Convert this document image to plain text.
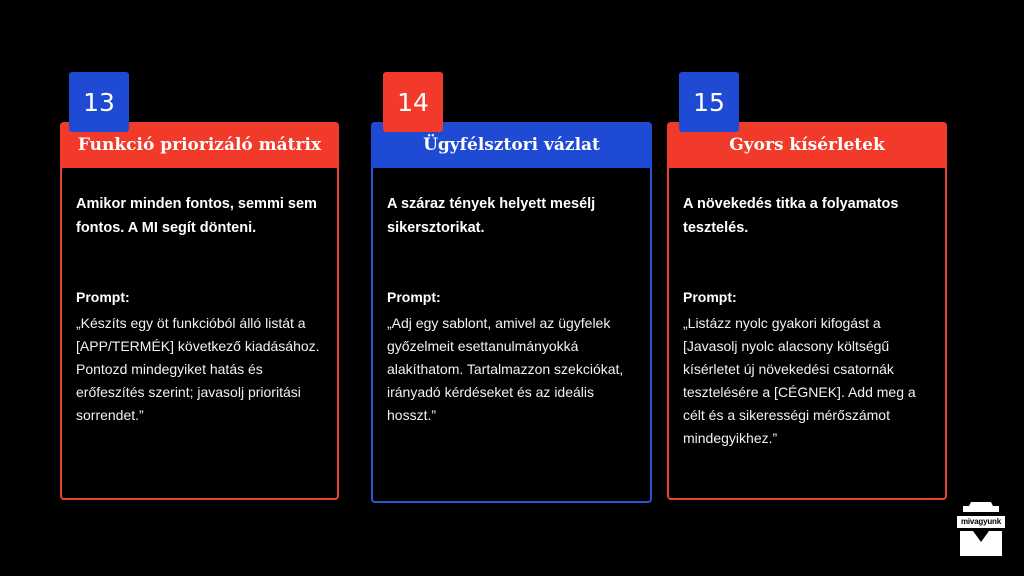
13
Funkció priorizáló mátrix
Amikor minden fontos, semmi sem fontos. A MI segít dönteni.
Prompt:
„Készíts egy öt funkcióból álló listát a [APP/TERMÉK] következő kiadásához. Pontozd mindegyiket hatás és erőfeszítés szerint; javasolj prioritási sorrendet.”
14
Ügyfélsztori vázlat
A száraz tények helyett mesélj sikersztorikat.
Prompt:
„Adj egy sablont, amivel az ügyfelek győzelmeit esettanulmányokká alakíthatom. Tartalmazzon szekciókat, irányadó kérdéseket és az ideális hosszt.”
15
Gyors kísérletek
A növekedés titka a folyamatos tesztelés.
Prompt:
„Listázz nyolc gyakori kifogást a [Javasolj nyolc alacsony költségű kísérletet új növekedési csatornák tesztelésére a [CÉGNEK]. Add meg a célt és a sikerességi mérőszámot mindegyikhez.”
mivagyunk
